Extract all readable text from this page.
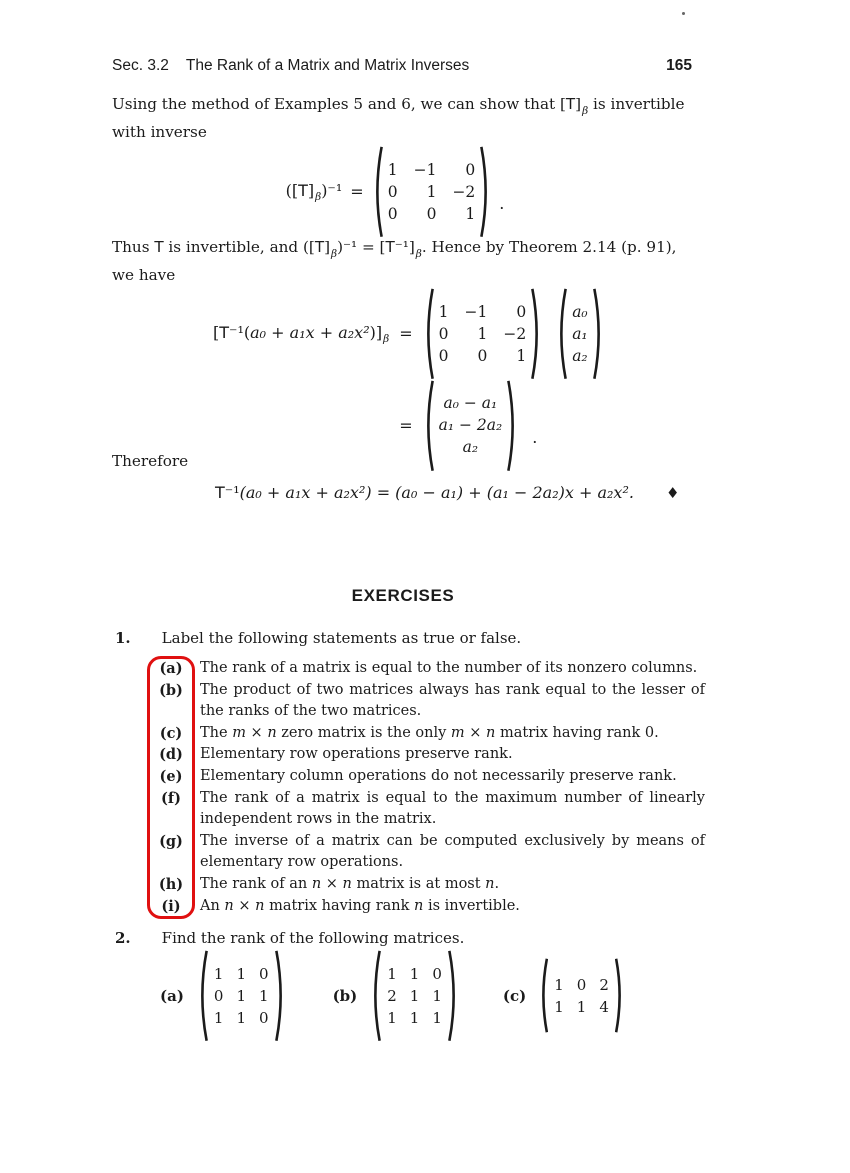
Sec. 3.2 The Rank of a Matrix and Matrix Inverses	165
Using the method of Examples 5 and 6, we can show that $[T]_\beta$ is invertible
with inverse
$([T]_\beta)^{-1}$ =
1 −1 0
0 1 −2
0 0 1
.
Thus T is invertible, and $([T]_\beta)^{-1} = [T^{-1}]_\beta$. Hence by Theorem 2.14 (p. 91),
we have
$[T^{-1}(a_0 + a_1x + a_2x^2)]_\beta$ =
1 −1 0
0 1 −2
0 0 1
a₀
a₁
a₂
=
a₀ − a₁
a₁ − 2a₂
a₂
.
Therefore
T ⁻¹ (a₀ + a₁x + a₂x²) = (a₀ − a₁) + (a₁ − 2a₂)x + a₂x². ♦
EXERCISES
1. Label the following statements as true or false.
(a)	The rank of a matrix is equal to the number of its nonzero columns.
(b)	The product of two matrices always has rank equal to the lesser of the ranks of the two matrices.
(c)	The m × n zero matrix is the only m × n matrix having rank 0.
(d)	Elementary row operations preserve rank.
(e)	Elementary column operations do not necessarily preserve rank.
(f)	The rank of a matrix is equal to the maximum number of linearly independent rows in the matrix.
(g)	The inverse of a matrix can be computed exclusively by means of elementary row operations.
(h)	The rank of an n × n matrix is at most n.
(i)	An n × n matrix having rank n is invertible.
2. Find the rank of the following matrices.
(a)
1 1 0
0 1 1
1 1 0
(b)
1 1 0
2 1 1
1 1 1
(c)
1 0 2
1 1 4
